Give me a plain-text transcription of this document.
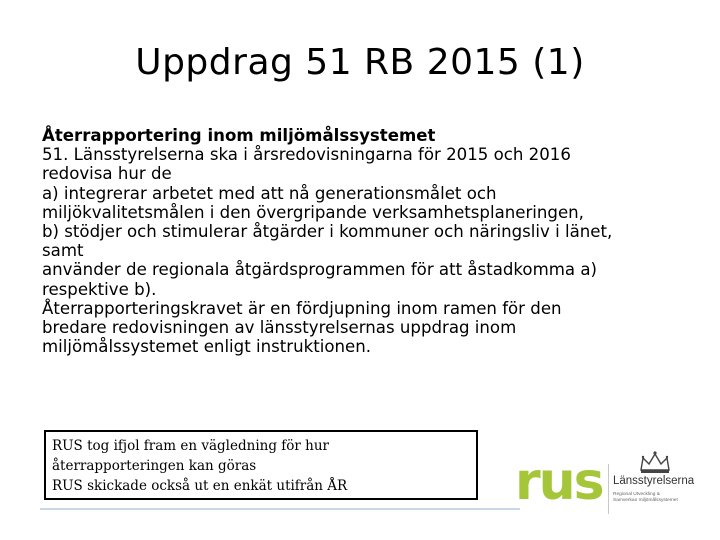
Uppdrag 51 RB 2015 (1)
Återrapportering inom miljömålssystemet
51. Länsstyrelserna ska i årsredovisningarna för 2015 och 2016
redovisa hur de
a) integrerar arbetet med att nå generationsmålet och
miljökvalitetsmålen i den övergripande verksamhetsplaneringen,
b) stödjer och stimulerar åtgärder i kommuner och näringsliv i länet,
samt
använder de regionala åtgärdsprogrammen för att åstadkomma a)
respektive b).
Återrapporteringskravet är en fördjupning inom ramen för den
bredare redovisningen av länsstyrelsernas uppdrag inom
miljömålssystemet enligt instruktionen.
RUS tog ifjol fram en vägledning för hur
återrapporteringen kan göras
RUS skickade också ut en enkät utifrån ÅR	rus Länsstyrelserna
Regional Utveckling & Samverkan miljömålssystemet
